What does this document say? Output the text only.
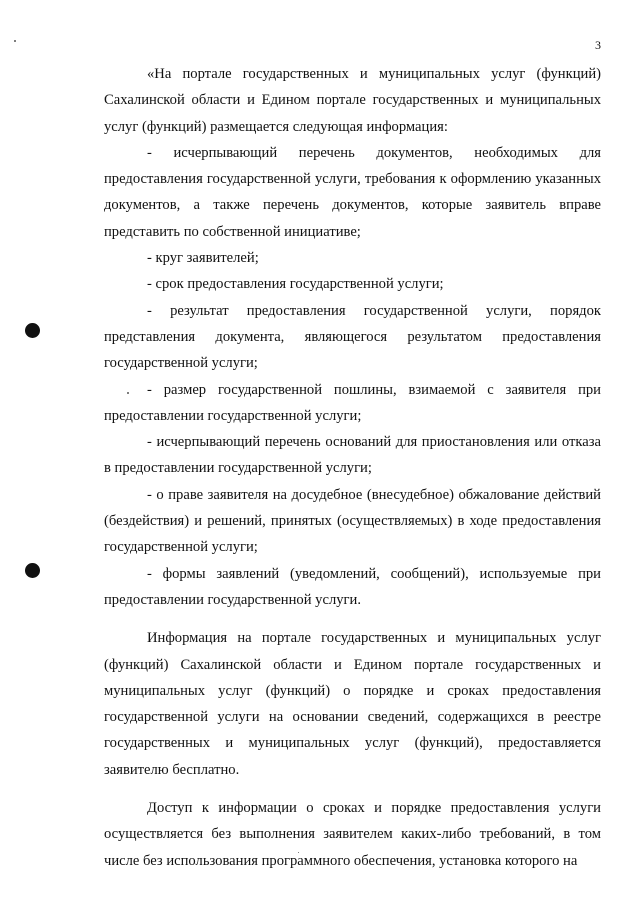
3

«На портале государственных и муниципальных услуг (функций) Сахалинской области и Едином портале государственных и муниципальных услуг (функций) размещается следующая информация:

- исчерпывающий перечень документов, необходимых для предоставления государственной услуги, требования к оформлению указанных документов, а также перечень документов, которые заявитель вправе представить по собственной инициативе;

- круг заявителей;

- срок предоставления государственной услуги;

- результат предоставления государственной услуги, порядок представления документа, являющегося результатом предоставления государственной услуги;

- размер государственной пошлины, взимаемой с заявителя при предоставлении государственной услуги;

- исчерпывающий перечень оснований для приостановления или отказа в предоставлении государственной услуги;

- о праве заявителя на досудебное (внесудебное) обжалование действий (бездействия) и решений, принятых (осуществляемых) в ходе предоставления государственной услуги;

- формы заявлений (уведомлений, сообщений), используемые при предоставлении государственной услуги.

Информация на портале государственных и муниципальных услуг (функций) Сахалинской области и Едином портале государственных и муниципальных услуг (функций) о порядке и сроках предоставления государственной услуги на основании сведений, содержащихся в реестре государственных и муниципальных услуг (функций), предоставляется заявителю бесплатно.

Доступ к информации о сроках и порядке предоставления услуги осуществляется без выполнения заявителем каких-либо требований, в том числе без использования программного обеспечения, установка которого на
